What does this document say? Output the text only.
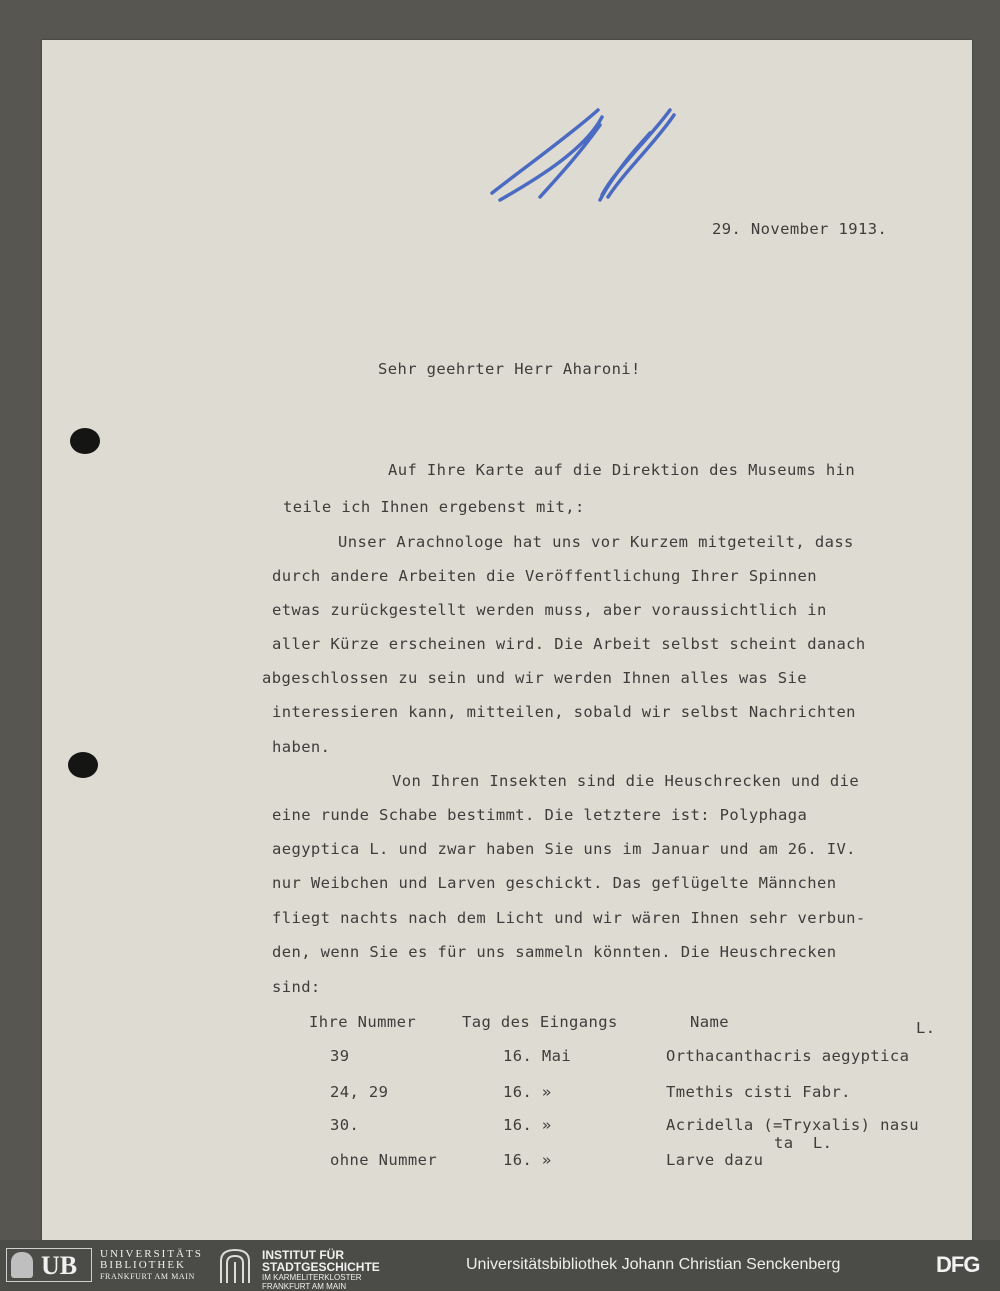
29. November 1913.
Sehr geehrter Herr Aharoni!
Auf Ihre Karte auf die Direktion des Museums hin
teile ich Ihnen ergebenst mit,:
Unser Arachnologe hat uns vor Kurzem mitgeteilt, dass
durch andere Arbeiten die Veröffentlichung Ihrer Spinnen
etwas zurückgestellt werden muss, aber voraussichtlich in
aller Kürze erscheinen wird. Die Arbeit selbst scheint danach
abgeschlossen zu sein und wir werden Ihnen alles was Sie
interessieren kann, mitteilen, sobald wir selbst Nachrichten
haben.
Von Ihren Insekten sind die Heuschrecken und die
eine runde Schabe bestimmt. Die letztere ist: Polyphaga
aegyptica L. und zwar haben Sie uns im Januar und am 26. IV.
nur Weibchen und Larven geschickt. Das geflügelte Männchen
fliegt nachts nach dem Licht und wir wären Ihnen sehr verbun-
den, wenn Sie es für uns sammeln könnten. Die Heuschrecken
sind:
Ihre Nummer	Tag des Eingangs	Name	L.
39	16. Mai	Orthacanthacris aegyptica
24, 29	16. »	Tmethis cisti Fabr.
30.	16. »	Acridella (=Tryxalis) nasu
ta  L.
ohne Nummer	16. »	Larve dazu
UB UNIVERSITÄTS
BIBLIOTHEK
FRANKFURT AM MAIN
INSTITUT FÜR
STADTGESCHICHTE
IM KARMELITERKLOSTER
FRANKFURT AM MAIN
Universitätsbibliothek Johann Christian Senckenberg	DFG
